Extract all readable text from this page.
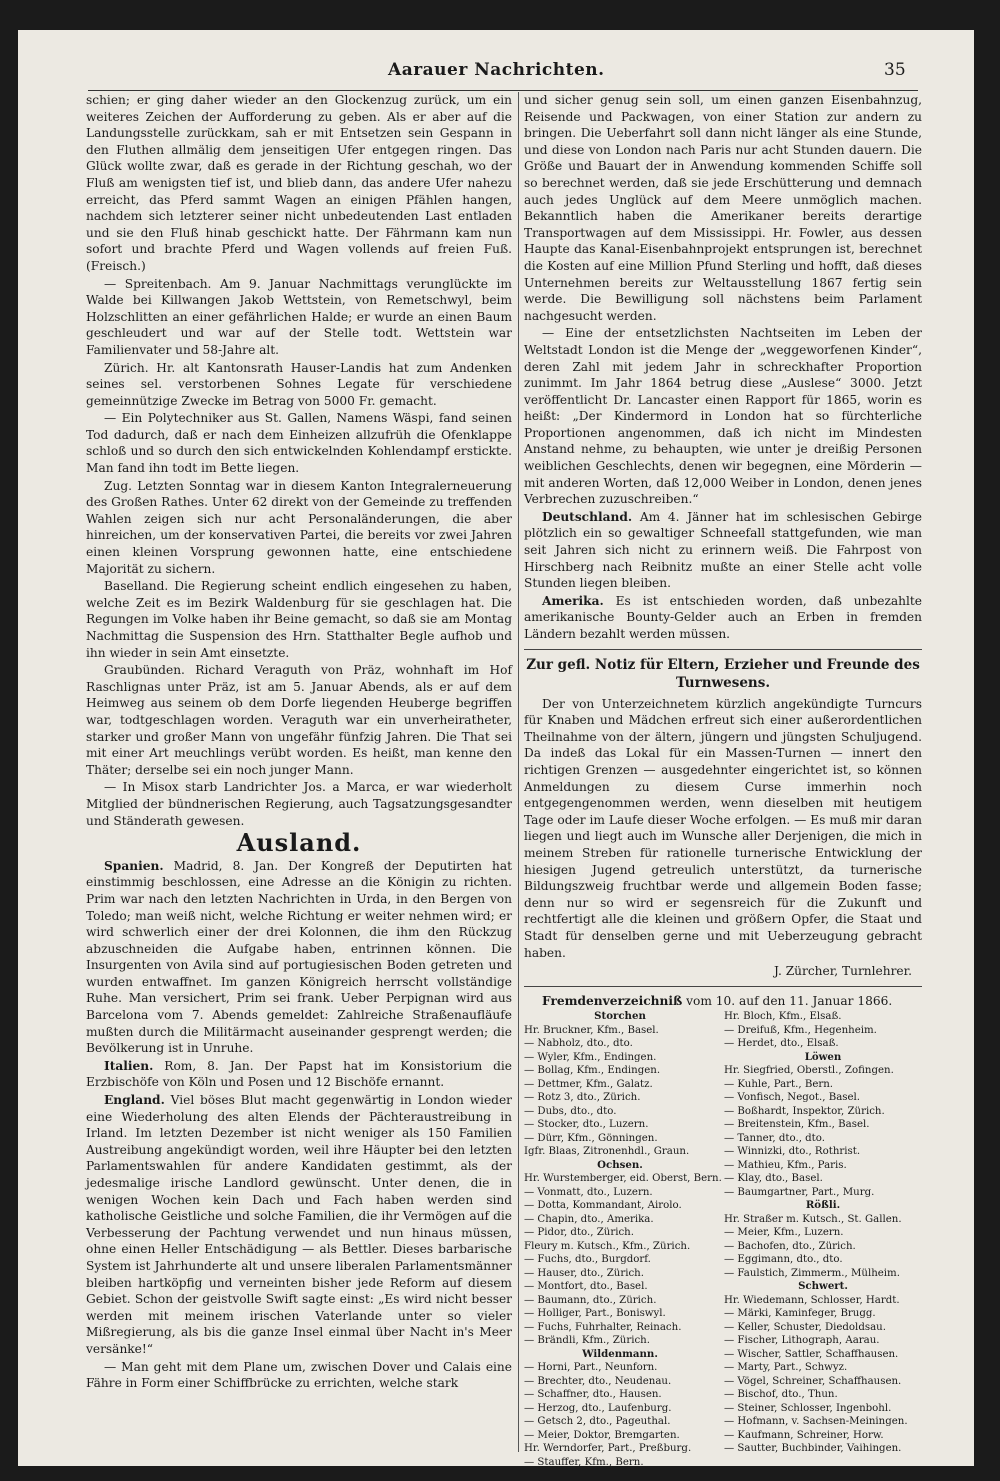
Aarauer Nachrichten.	35

schien; er ging daher wieder an den Glockenzug zurück, um ein weiteres Zeichen der Aufforderung zu geben. Als er aber auf die Landungsstelle zurückkam, sah er mit Entsetzen sein Gespann in den Fluthen allmälig dem jenseitigen Ufer entgegen ringen. Das Glück wollte zwar, daß es gerade in der Richtung geschah, wo der Fluß am wenigsten tief ist, und blieb dann, das andere Ufer nahezu erreicht, das Pferd sammt Wagen an einigen Pfählen hangen, nachdem sich letzterer seiner nicht unbedeutenden Last entladen und sie den Fluß hinab geschickt hatte. Der Fährmann kam nun sofort und brachte Pferd und Wagen vollends auf freien Fuß. (Freisch.)

— Spreitenbach. Am 9. Januar Nachmittags verunglückte im Walde bei Killwangen Jakob Wettstein, von Remetschwyl, beim Holzschlitten an einer gefährlichen Halde; er wurde an einen Baum geschleudert und war auf der Stelle todt. Wettstein war Familienvater und 58-Jahre alt.

Zürich. Hr. alt Kantonsrath Hauser-Landis hat zum Andenken seines sel. verstorbenen Sohnes Legate für verschiedene gemeinnützige Zwecke im Betrag von 5000 Fr. gemacht.

— Ein Polytechniker aus St. Gallen, Namens Wäspi, fand seinen Tod dadurch, daß er nach dem Einheizen allzufrüh die Ofenklappe schloß und so durch den sich entwickelnden Kohlendampf erstickte. Man fand ihn todt im Bette liegen.

Zug. Letzten Sonntag war in diesem Kanton Integralerneuerung des Großen Rathes. Unter 62 direkt von der Gemeinde zu treffenden Wahlen zeigen sich nur acht Personaländerungen, die aber hinreichen, um der konservativen Partei, die bereits vor zwei Jahren einen kleinen Vorsprung gewonnen hatte, eine entschiedene Majorität zu sichern.

Baselland. Die Regierung scheint endlich eingesehen zu haben, welche Zeit es im Bezirk Waldenburg für sie geschlagen hat. Die Regungen im Volke haben ihr Beine gemacht, so daß sie am Montag Nachmittag die Suspension des Hrn. Statthalter Begle aufhob und ihn wieder in sein Amt einsetzte.

Graubünden. Richard Veraguth von Präz, wohnhaft im Hof Raschlignas unter Präz, ist am 5. Januar Abends, als er auf dem Heimweg aus seinem ob dem Dorfe liegenden Heuberge begriffen war, todtgeschlagen worden. Veraguth war ein unverheiratheter, starker und großer Mann von ungefähr fünfzig Jahren. Die That sei mit einer Art meuchlings verübt worden. Es heißt, man kenne den Thäter; derselbe sei ein noch junger Mann.

— In Misox starb Landrichter Jos. a Marca, er war wiederholt Mitglied der bündnerischen Regierung, auch Tagsatzungsgesandter und Ständerath gewesen.

Ausland.

Spanien. Madrid, 8. Jan. Der Kongreß der Deputirten hat einstimmig beschlossen, eine Adresse an die Königin zu richten. Prim war nach den letzten Nachrichten in Urda, in den Bergen von Toledo; man weiß nicht, welche Richtung er weiter nehmen wird; er wird schwerlich einer der drei Kolonnen, die ihm den Rückzug abzuschneiden die Aufgabe haben, entrinnen können. Die Insurgenten von Avila sind auf portugiesischen Boden getreten und wurden entwaffnet. Im ganzen Königreich herrscht vollständige Ruhe. Man versichert, Prim sei frank. Ueber Perpignan wird aus Barcelona vom 7. Abends gemeldet: Zahlreiche Straßenaufläufe mußten durch die Militärmacht auseinander gesprengt werden; die Bevölkerung ist in Unruhe.

Italien. Rom, 8. Jan. Der Papst hat im Konsistorium die Erzbischöfe von Köln und Posen und 12 Bischöfe ernannt.

England. Viel böses Blut macht gegenwärtig in London wieder eine Wiederholung des alten Elends der Pächteraustreibung in Irland. Im letzten Dezember ist nicht weniger als 150 Familien Austreibung angekündigt worden, weil ihre Häupter bei den letzten Parlamentswahlen für andere Kandidaten gestimmt, als der jedesmalige irische Landlord gewünscht. Unter denen, die in wenigen Wochen kein Dach und Fach haben werden sind katholische Geistliche und solche Familien, die ihr Vermögen auf die Verbesserung der Pachtung verwendet und nun hinaus müssen, ohne einen Heller Entschädigung — als Bettler. Dieses barbarische System ist Jahrhunderte alt und unsere liberalen Parlamentsmänner bleiben hartköpfig und verneinten bisher jede Reform auf diesem Gebiet. Schon der geistvolle Swift sagte einst: „Es wird nicht besser werden mit meinem irischen Vaterlande unter so vieler Mißregierung, als bis die ganze Insel einmal über Nacht in's Meer versänke!“

— Man geht mit dem Plane um, zwischen Dover und Calais eine Fähre in Form einer Schiffbrücke zu errichten, welche stark

und sicher genug sein soll, um einen ganzen Eisenbahnzug, Reisende und Packwagen, von einer Station zur andern zu bringen. Die Ueberfahrt soll dann nicht länger als eine Stunde, und diese von London nach Paris nur acht Stunden dauern. Die Größe und Bauart der in Anwendung kommenden Schiffe soll so berechnet werden, daß sie jede Erschütterung und demnach auch jedes Unglück auf dem Meere unmöglich machen. Bekanntlich haben die Amerikaner bereits derartige Transportwagen auf dem Mississippi. Hr. Fowler, aus dessen Haupte das Kanal-Eisenbahnprojekt entsprungen ist, berechnet die Kosten auf eine Million Pfund Sterling und hofft, daß dieses Unternehmen bereits zur Weltausstellung 1867 fertig sein werde. Die Bewilligung soll nächstens beim Parlament nachgesucht werden.

— Eine der entsetzlichsten Nachtseiten im Leben der Weltstadt London ist die Menge der „weggeworfenen Kinder“, deren Zahl mit jedem Jahr in schreckhafter Proportion zunimmt. Im Jahr 1864 betrug diese „Auslese“ 3000. Jetzt veröffentlicht Dr. Lancaster einen Rapport für 1865, worin es heißt: „Der Kindermord in London hat so fürchterliche Proportionen angenommen, daß ich nicht im Mindesten Anstand nehme, zu behaupten, wie unter je dreißig Personen weiblichen Geschlechts, denen wir begegnen, eine Mörderin — mit anderen Worten, daß 12,000 Weiber in London, denen jenes Verbrechen zuzuschreiben.“

Deutschland. Am 4. Jänner hat im schlesischen Gebirge plötzlich ein so gewaltiger Schneefall stattgefunden, wie man seit Jahren sich nicht zu erinnern weiß. Die Fahrpost von Hirschberg nach Reibnitz mußte an einer Stelle acht volle Stunden liegen bleiben.

Amerika. Es ist entschieden worden, daß unbezahlte amerikanische Bounty-Gelder auch an Erben in fremden Ländern bezahlt werden müssen.

Zur gefl. Notiz für Eltern, Erzieher und Freunde des Turnwesens.

Der von Unterzeichnetem kürzlich angekündigte Turncurs für Knaben und Mädchen erfreut sich einer außerordentlichen Theilnahme von der ältern, jüngern und jüngsten Schuljugend. Da indeß das Lokal für ein Massen-Turnen — innert den richtigen Grenzen — ausgedehnter eingerichtet ist, so können Anmeldungen zu diesem Curse immerhin noch entgegengenommen werden, wenn dieselben mit heutigem Tage oder im Laufe dieser Woche erfolgen. — Es muß mir daran liegen und liegt auch im Wunsche aller Derjenigen, die mich in meinem Streben für rationelle turnerische Entwicklung der hiesigen Jugend getreulich unterstützt, da turnerische Bildungszweig fruchtbar werde und allgemein Boden fasse; denn nur so wird er segensreich für die Zukunft und rechtfertigt alle die kleinen und größern Opfer, die Staat und Stadt für denselben gerne und mit Ueberzeugung gebracht haben.

J. Zürcher, Turnlehrer.

Fremdenverzeichniß vom 10. auf den 11. Januar 1866.

Storchen
Hr. Bruckner, Kfm., Basel.
— Nabholz, dto., dto.
— Wyler, Kfm., Endingen.
— Bollag, Kfm., Endingen.
— Dettmer, Kfm., Galatz.
— Rotz 3, dto., Zürich.
— Dubs, dto., dto.
— Stocker, dto., Luzern.
— Dürr, Kfm., Gönningen.
Igfr. Blaas, Zitronenhdl., Graun.
Ochsen.
Hr. Wurstemberger, eid. Oberst, Bern.
— Vonmatt, dto., Luzern.
— Dotta, Kommandant, Airolo.
— Chapin, dto., Amerika.
— Pidor, dto., Zürich.
Fleury m. Kutsch., Kfm., Zürich.
— Fuchs, dto., Burgdorf.
— Hauser, dto., Zürich.
— Montfort, dto., Basel.
— Baumann, dto., Zürich.
— Holliger, Part., Boniswyl.
— Fuchs, Fuhrhalter, Reinach.
— Brändli, Kfm., Zürich.
Wildenmann.
— Horni, Part., Neunforn.
— Brechter, dto., Neudenau.
— Schaffner, dto., Hausen.
— Herzog, dto., Laufenburg.
— Getsch 2, dto., Pageuthal.
— Meier, Doktor, Bremgarten.
Hr. Werndorfer, Part., Preßburg.
— Stauffer, Kfm., Bern.
Hr. Bloch, Kfm., Elsaß.
— Dreifuß, Kfm., Hegenheim.
— Herdet, dto., Elsaß.
Löwen
Hr. Siegfried, Oberstl., Zofingen.
— Kuhle, Part., Bern.
— Vonfisch, Negot., Basel.
— Boßhardt, Inspektor, Zürich.
— Breitenstein, Kfm., Basel.
— Tanner, dto., dto.
— Winnizki, dto., Rothrist.
— Mathieu, Kfm., Paris.
— Klay, dto., Basel.
— Baumgartner, Part., Murg.
Rößli.
Hr. Straßer m. Kutsch., St. Gallen.
— Meier, Kfm., Luzern.
— Bachofen, dto., Zürich.
— Eggimann, dto., dto.
— Faulstich, Zimmerm., Mülheim.
Schwert.
Hr. Wiedemann, Schlosser, Hardt.
— Märki, Kaminfeger, Brugg.
— Keller, Schuster, Diedoldsau.
— Fischer, Lithograph, Aarau.
— Wischer, Sattler, Schaffhausen.
— Marty, Part., Schwyz.
— Vögel, Schreiner, Schaffhausen.
— Bischof, dto., Thun.
— Steiner, Schlosser, Ingenbohl.
— Hofmann, v. Sachsen-Meiningen.
— Kaufmann, Schreiner, Horw.
— Sautter, Buchbinder, Vaihingen.
